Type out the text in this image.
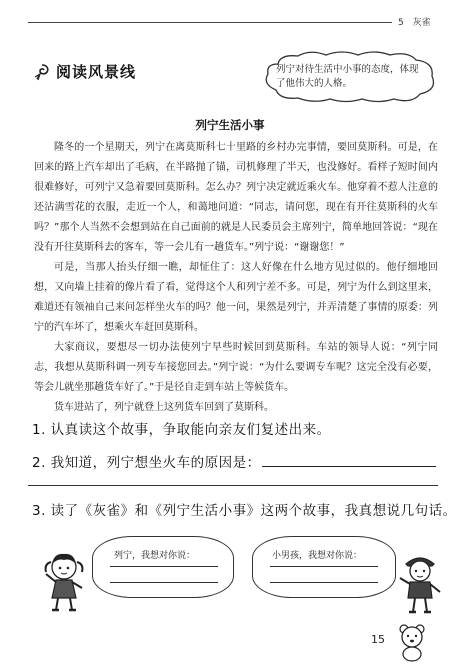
5 灰雀
阅读风景线	列宁对待生活中小事的态度，体现了他伟大的人格。
列宁生活小事

隆冬的一个星期天，列宁在离莫斯科七十里路的乡村办完事情，要回莫斯科。可是，在回来的路上汽车却出了毛病，在半路抛了锚，司机修理了半天，也没修好。看样子短时间内很难修好，可列宁又急着要回莫斯科。怎么办？列宁决定就近乘火车。他穿着不惹人注意的还沾满雪花的衣服，走近一个人，和蔼地问道：“同志，请问您，现在有开往莫斯科的火车吗？”那个人当然不会想到站在自己面前的就是人民委员会主席列宁，简单地回答说：“现在没有开往莫斯科去的客车，等一会儿有一趟货车。”列宁说：“谢谢您！”

可是，当那人抬头仔细一瞧，却怔住了：这人好像在什么地方见过似的。他仔细地回想，又向墙上挂着的像片看了看，觉得这个人和列宁差不多。可是，列宁为什么到这里来，难道还有领袖自己来问怎样坐火车的吗？他一问，果然是列宁，并弄清楚了事情的原委：列宁的汽车坏了，想乘火车赶回莫斯科。

大家商议，要想尽一切办法使列宁早些时候回到莫斯科。车站的领导人说：“列宁同志，我想从莫斯科调一列专车接您回去。”列宁说：“为什么要调专车呢？这完全没有必要，等会儿就坐那趟货车好了。”于是径自走到车站上等候货车。

货车进站了，列宁就登上这列货车回到了莫斯科。

1. 认真读这个故事，争取能向亲友们复述出来。
2. 我知道，列宁想坐火车的原因是：
3. 读了《灰雀》和《列宁生活小事》这两个故事，我真想说几句话。
列宁，我想对你说：	小男孩，我想对你说：
15
